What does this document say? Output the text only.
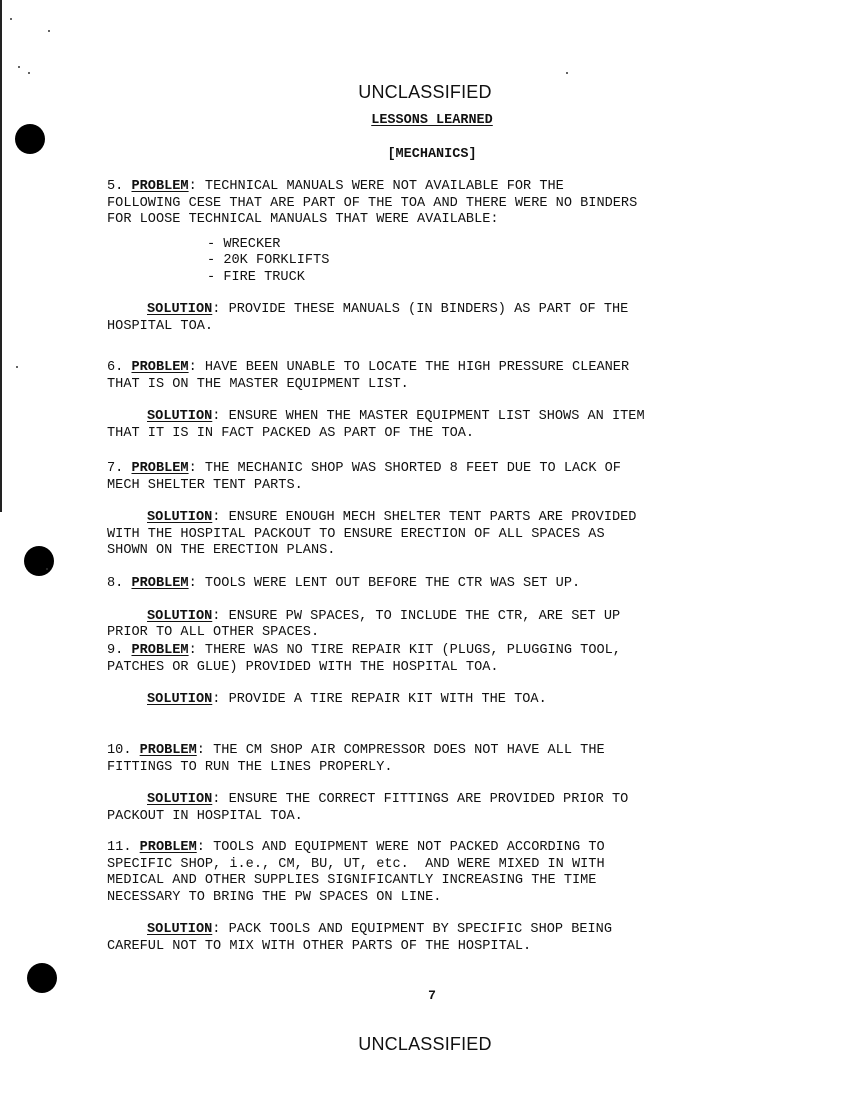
UNCLASSIFIED
LESSONS LEARNED
[MECHANICS]
5. PROBLEM: TECHNICAL MANUALS WERE NOT AVAILABLE FOR THE
FOLLOWING CESE THAT ARE PART OF THE TOA AND THERE WERE NO BINDERS
FOR LOOSE TECHNICAL MANUALS THAT WERE AVAILABLE:
- WRECKER
- 20K FORKLIFTS
- FIRE TRUCK
SOLUTION: PROVIDE THESE MANUALS (IN BINDERS) AS PART OF THE
HOSPITAL TOA.
6. PROBLEM: HAVE BEEN UNABLE TO LOCATE THE HIGH PRESSURE CLEANER
THAT IS ON THE MASTER EQUIPMENT LIST.
SOLUTION: ENSURE WHEN THE MASTER EQUIPMENT LIST SHOWS AN ITEM
THAT IT IS IN FACT PACKED AS PART OF THE TOA.
7. PROBLEM: THE MECHANIC SHOP WAS SHORTED 8 FEET DUE TO LACK OF
MECH SHELTER TENT PARTS.
SOLUTION: ENSURE ENOUGH MECH SHELTER TENT PARTS ARE PROVIDED
WITH THE HOSPITAL PACKOUT TO ENSURE ERECTION OF ALL SPACES AS
SHOWN ON THE ERECTION PLANS.
8. PROBLEM: TOOLS WERE LENT OUT BEFORE THE CTR WAS SET UP.
SOLUTION: ENSURE PW SPACES, TO INCLUDE THE CTR, ARE SET UP
PRIOR TO ALL OTHER SPACES.
9. PROBLEM: THERE WAS NO TIRE REPAIR KIT (PLUGS, PLUGGING TOOL,
PATCHES OR GLUE) PROVIDED WITH THE HOSPITAL TOA.
SOLUTION: PROVIDE A TIRE REPAIR KIT WITH THE TOA.
10. PROBLEM: THE CM SHOP AIR COMPRESSOR DOES NOT HAVE ALL THE
FITTINGS TO RUN THE LINES PROPERLY.
SOLUTION: ENSURE THE CORRECT FITTINGS ARE PROVIDED PRIOR TO
PACKOUT IN HOSPITAL TOA.
11. PROBLEM: TOOLS AND EQUIPMENT WERE NOT PACKED ACCORDING TO
SPECIFIC SHOP, i.e., CM, BU, UT, etc.  AND WERE MIXED IN WITH
MEDICAL AND OTHER SUPPLIES SIGNIFICANTLY INCREASING THE TIME
NECESSARY TO BRING THE PW SPACES ON LINE.
SOLUTION: PACK TOOLS AND EQUIPMENT BY SPECIFIC SHOP BEING
CAREFUL NOT TO MIX WITH OTHER PARTS OF THE HOSPITAL.
7
UNCLASSIFIED
